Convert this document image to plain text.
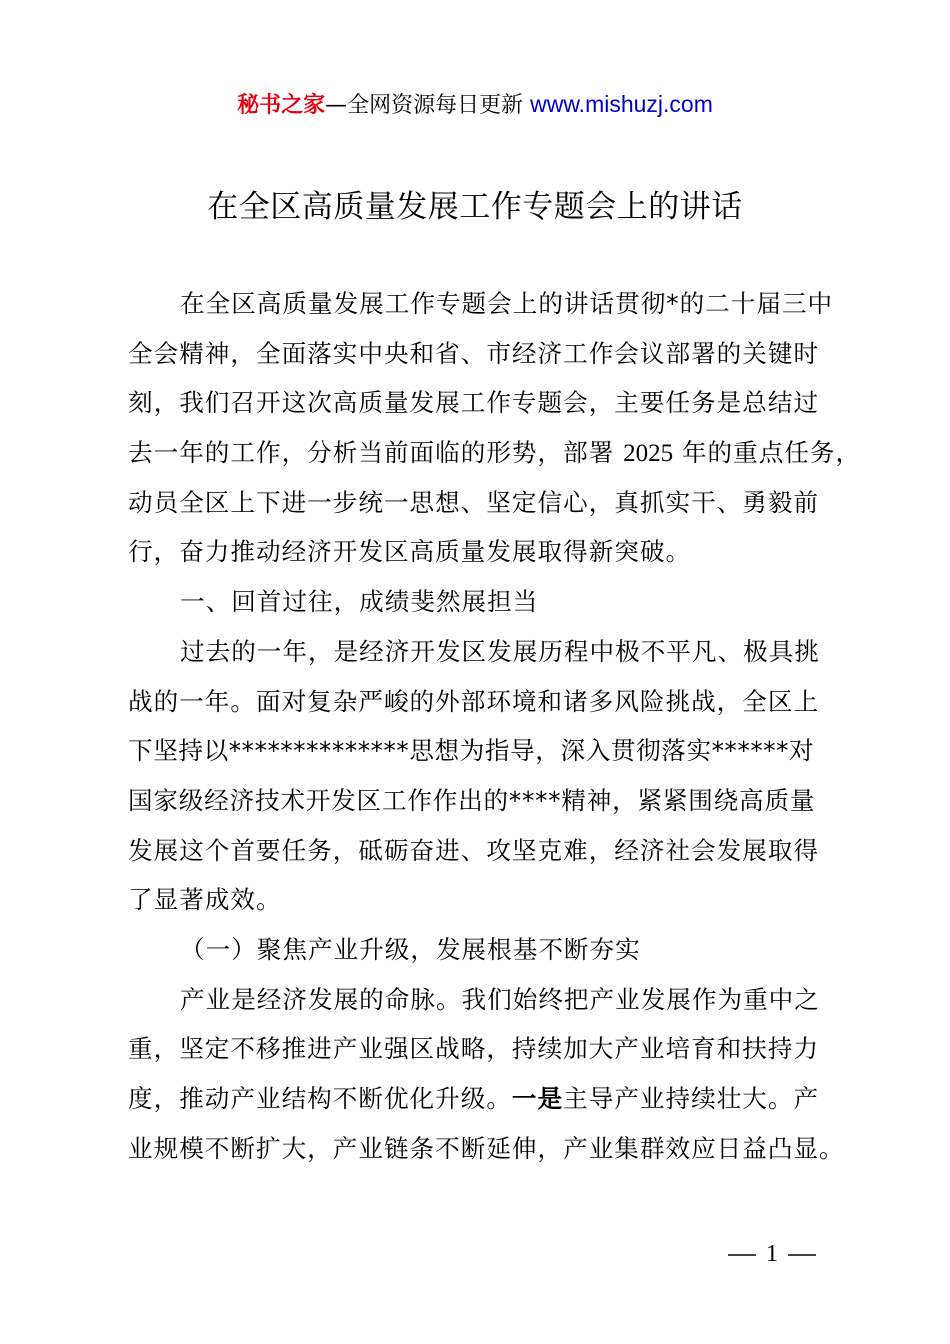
秘书之家—全网资源每日更新 www.mishuzj.com
在全区高质量发展工作专题会上的讲话
在全区高质量发展工作专题会上的讲话贯彻*的二十届三中
全会精神，全面落实中央和省、市经济工作会议部署的关键时
刻，我们召开这次高质量发展工作专题会，主要任务是总结过
去一年的工作，分析当前面临的形势，部署 2025 年的重点任务，
动员全区上下进一步统一思想、坚定信心，真抓实干、勇毅前
行，奋力推动经济开发区高质量发展取得新突破。
一、回首过往，成绩斐然展担当
过去的一年，是经济开发区发展历程中极不平凡、极具挑
战的一年。面对复杂严峻的外部环境和诸多风险挑战，全区上
下坚持以**************思想为指导，深入贯彻落实******对
国家级经济技术开发区工作作出的****精神，紧紧围绕高质量
发展这个首要任务，砥砺奋进、攻坚克难，经济社会发展取得
了显著成效。
（一）聚焦产业升级，发展根基不断夯实
产业是经济发展的命脉。我们始终把产业发展作为重中之
重，坚定不移推进产业强区战略，持续加大产业培育和扶持力
度，推动产业结构不断优化升级。一是主导产业持续壮大。产
业规模不断扩大，产业链条不断延伸，产业集群效应日益凸显。
1
